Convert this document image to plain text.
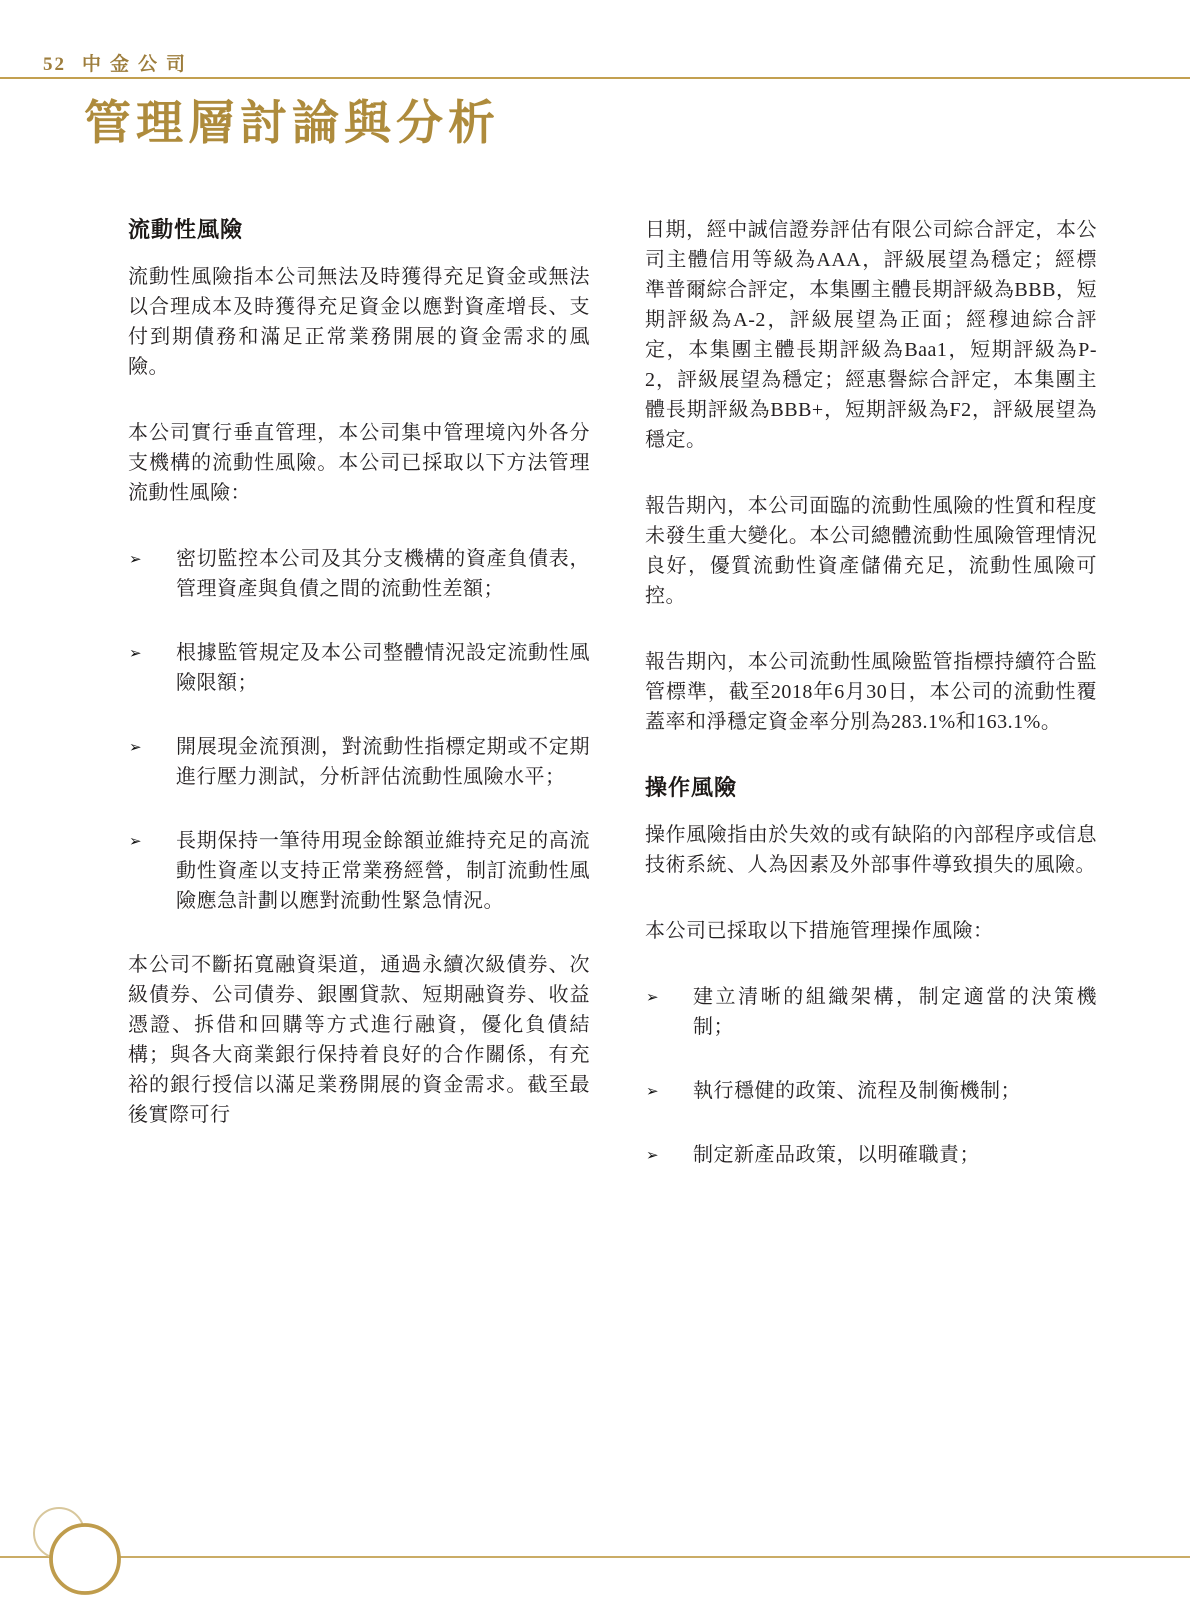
52 中金公司
管理層討論與分析
流動性風險

流動性風險指本公司無法及時獲得充足資金或無法以合理成本及時獲得充足資金以應對資產增長、支付到期債務和滿足正常業務開展的資金需求的風險。

本公司實行垂直管理，本公司集中管理境內外各分支機構的流動性風險。本公司已採取以下方法管理流動性風險：

➢ 密切監控本公司及其分支機構的資產負債表，管理資產與負債之間的流動性差額；
➢ 根據監管規定及本公司整體情況設定流動性風險限額；
➢ 開展現金流預測，對流動性指標定期或不定期進行壓力測試，分析評估流動性風險水平；
➢ 長期保持一筆待用現金餘額並維持充足的高流動性資產以支持正常業務經營，制訂流動性風險應急計劃以應對流動性緊急情況。

本公司不斷拓寬融資渠道，通過永續次級債券、次級債券、公司債券、銀團貸款、短期融資券、收益憑證、拆借和回購等方式進行融資，優化負債結構；與各大商業銀行保持着良好的合作關係，有充裕的銀行授信以滿足業務開展的資金需求。截至最後實際可行

日期，經中誠信證券評估有限公司綜合評定，本公司主體信用等級為AAA，評級展望為穩定；經標準普爾綜合評定，本集團主體長期評級為BBB，短期評級為A-2，評級展望為正面；經穆迪綜合評定，本集團主體長期評級為Baa1，短期評級為P-2，評級展望為穩定；經惠譽綜合評定，本集團主體長期評級為BBB+，短期評級為F2，評級展望為穩定。

報告期內，本公司面臨的流動性風險的性質和程度未發生重大變化。本公司總體流動性風險管理情況良好，優質流動性資產儲備充足，流動性風險可控。

報告期內，本公司流動性風險監管指標持續符合監管標準，截至2018年6月30日，本公司的流動性覆蓋率和淨穩定資金率分別為283.1%和163.1%。

操作風險

操作風險指由於失效的或有缺陷的內部程序或信息技術系統、人為因素及外部事件導致損失的風險。

本公司已採取以下措施管理操作風險：

➢ 建立清晰的組織架構，制定適當的決策機制；
➢ 執行穩健的政策、流程及制衡機制；
➢ 制定新產品政策，以明確職責；
